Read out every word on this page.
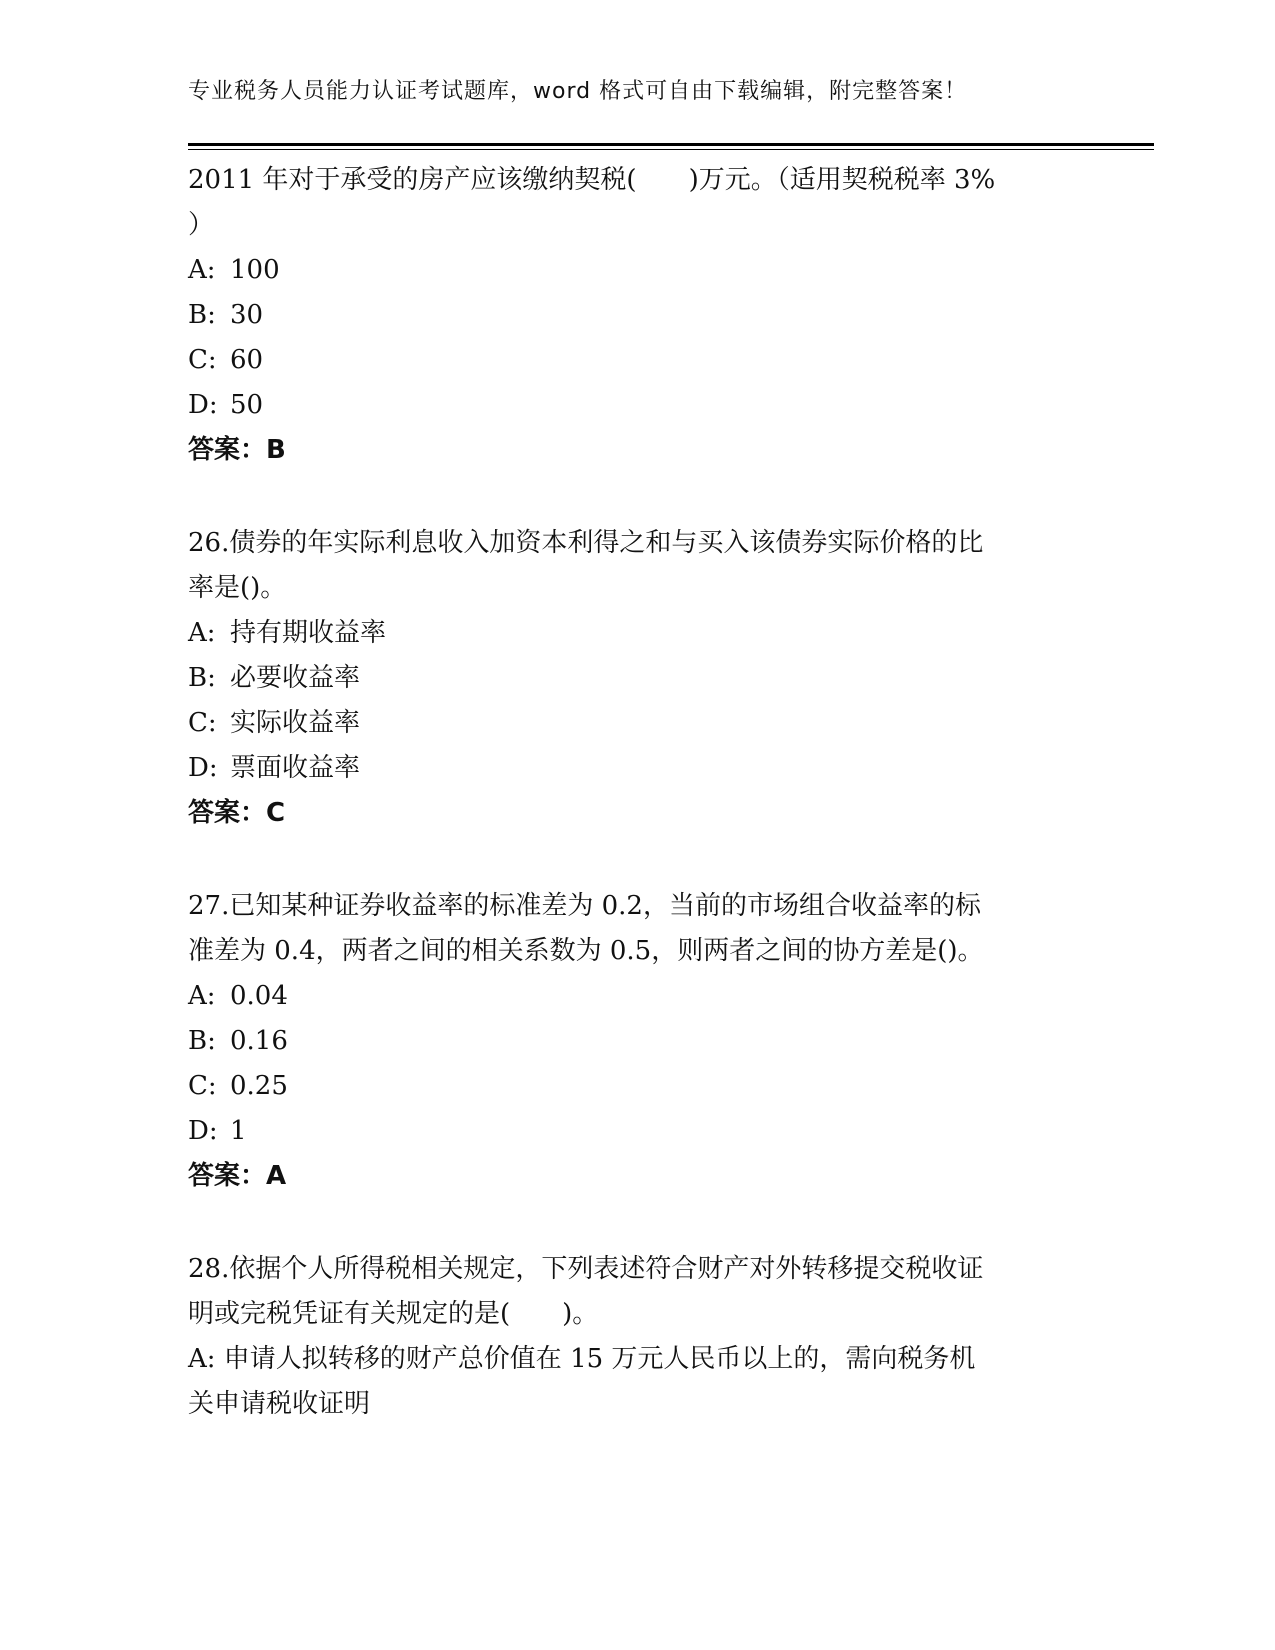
专业税务人员能力认证考试题库，word 格式可自由下载编辑，附完整答案！
2011 年对于承受的房产应该缴纳契税(　　)万元。（适用契税税率 3%
）
A: 100
B: 30
C: 60
D: 50
答案：B
26.债券的年实际利息收入加资本利得之和与买入该债券实际价格的比
率是()。
A: 持有期收益率
B: 必要收益率
C: 实际收益率
D: 票面收益率
答案：C
27.已知某种证券收益率的标准差为 0.2，当前的市场组合收益率的标
准差为 0.4，两者之间的相关系数为 0.5，则两者之间的协方差是()。
A: 0.04
B: 0.16
C: 0.25
D: 1
答案：A
28.依据个人所得税相关规定，下列表述符合财产对外转移提交税收证
明或完税凭证有关规定的是(　　)。
A: 申请人拟转移的财产总价值在 15 万元人民币以上的，需向税务机
关申请税收证明
